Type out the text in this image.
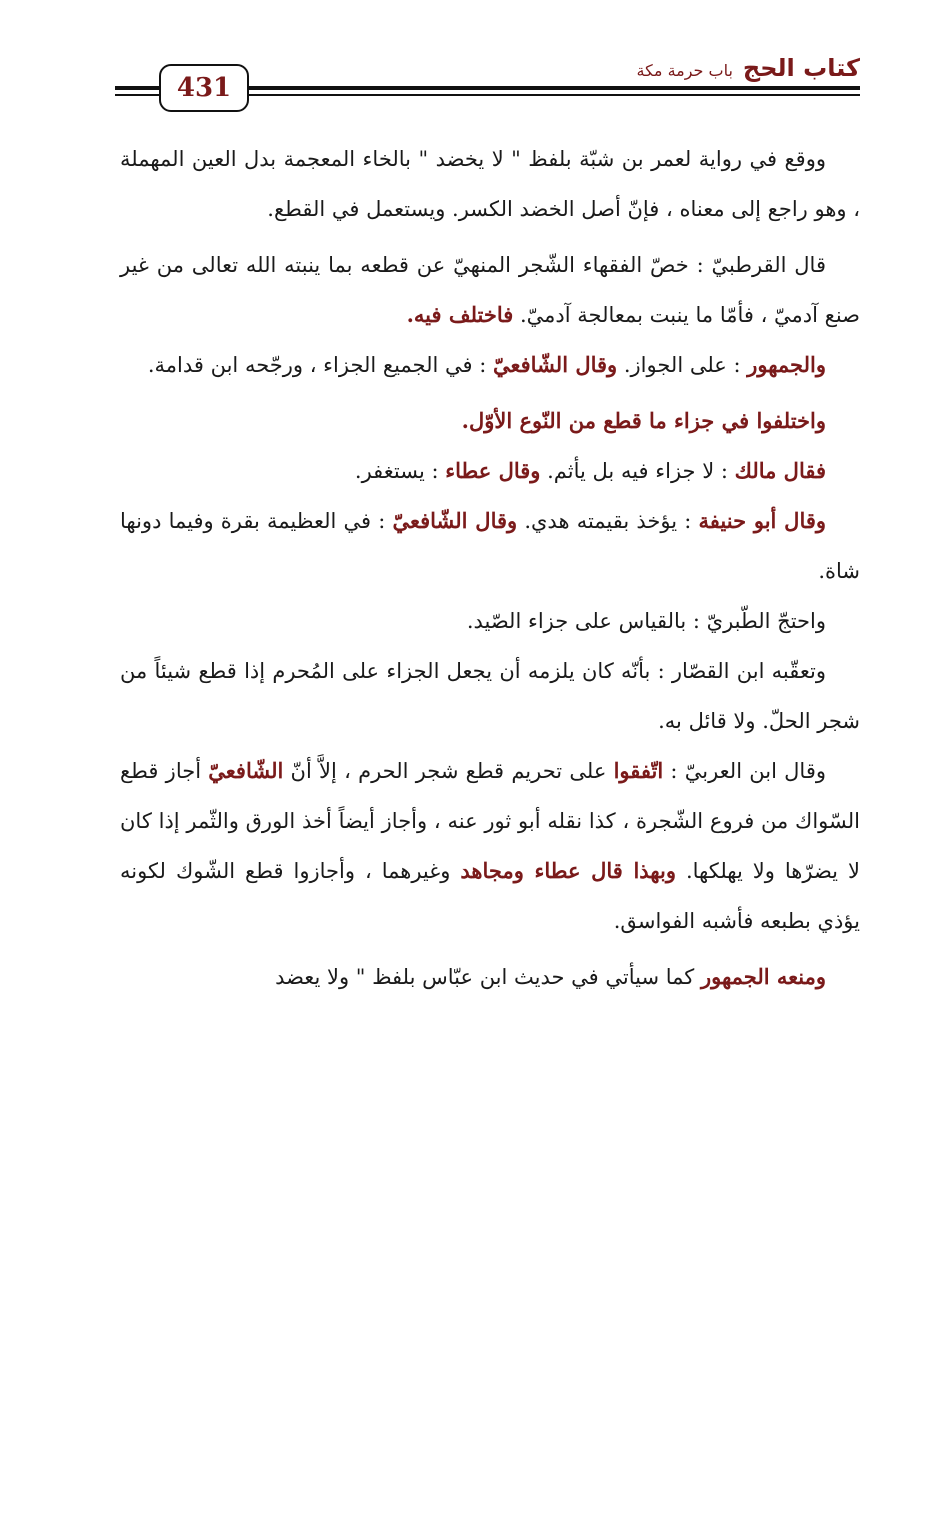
431
كتاب الحج
باب حرمة مكة

ووقع في رواية لعمر بن شبّة بلفظ " لا يخضد " بالخاء المعجمة بدل العين المهملة ، وهو راجع إلى معناه ، فإنّ أصل الخضد الكسر. ويستعمل في القطع.

قال القرطبيّ : خصّ الفقهاء الشّجر المنهيّ عن قطعه بما ينبته الله تعالى من غير صنع آدميّ ، فأمّا ما ينبت بمعالجة آدميّ. فاختلف فيه.

والجمهور : على الجواز. وقال الشّافعيّ : في الجميع الجزاء ، ورجّحه ابن قدامة.

واختلفوا في جزاء ما قطع من النّوع الأوّل.

فقال مالك : لا جزاء فيه بل يأثم. وقال عطاء : يستغفر.

وقال أبو حنيفة : يؤخذ بقيمته هدي. وقال الشّافعيّ : في العظيمة بقرة وفيما دونها شاة.

واحتجّ الطّبريّ : بالقياس على جزاء الصّيد.

وتعقّبه ابن القصّار : بأنّه كان يلزمه أن يجعل الجزاء على المُحرم إذا قطع شيئاً من شجر الحلّ. ولا قائل به.

وقال ابن العربيّ : اتّفقوا على تحريم قطع شجر الحرم ، إلاَّ أنّ الشّافعيّ أجاز قطع السّواك من فروع الشّجرة ، كذا نقله أبو ثور عنه ، وأجاز أيضاً أخذ الورق والثّمر إذا كان لا يضرّها ولا يهلكها. وبهذا قال عطاء ومجاهد وغيرهما ، وأجازوا قطع الشّوك لكونه يؤذي بطبعه فأشبه الفواسق.

ومنعه الجمهور كما سيأتي في حديث ابن عبّاس بلفظ " ولا يعضد
